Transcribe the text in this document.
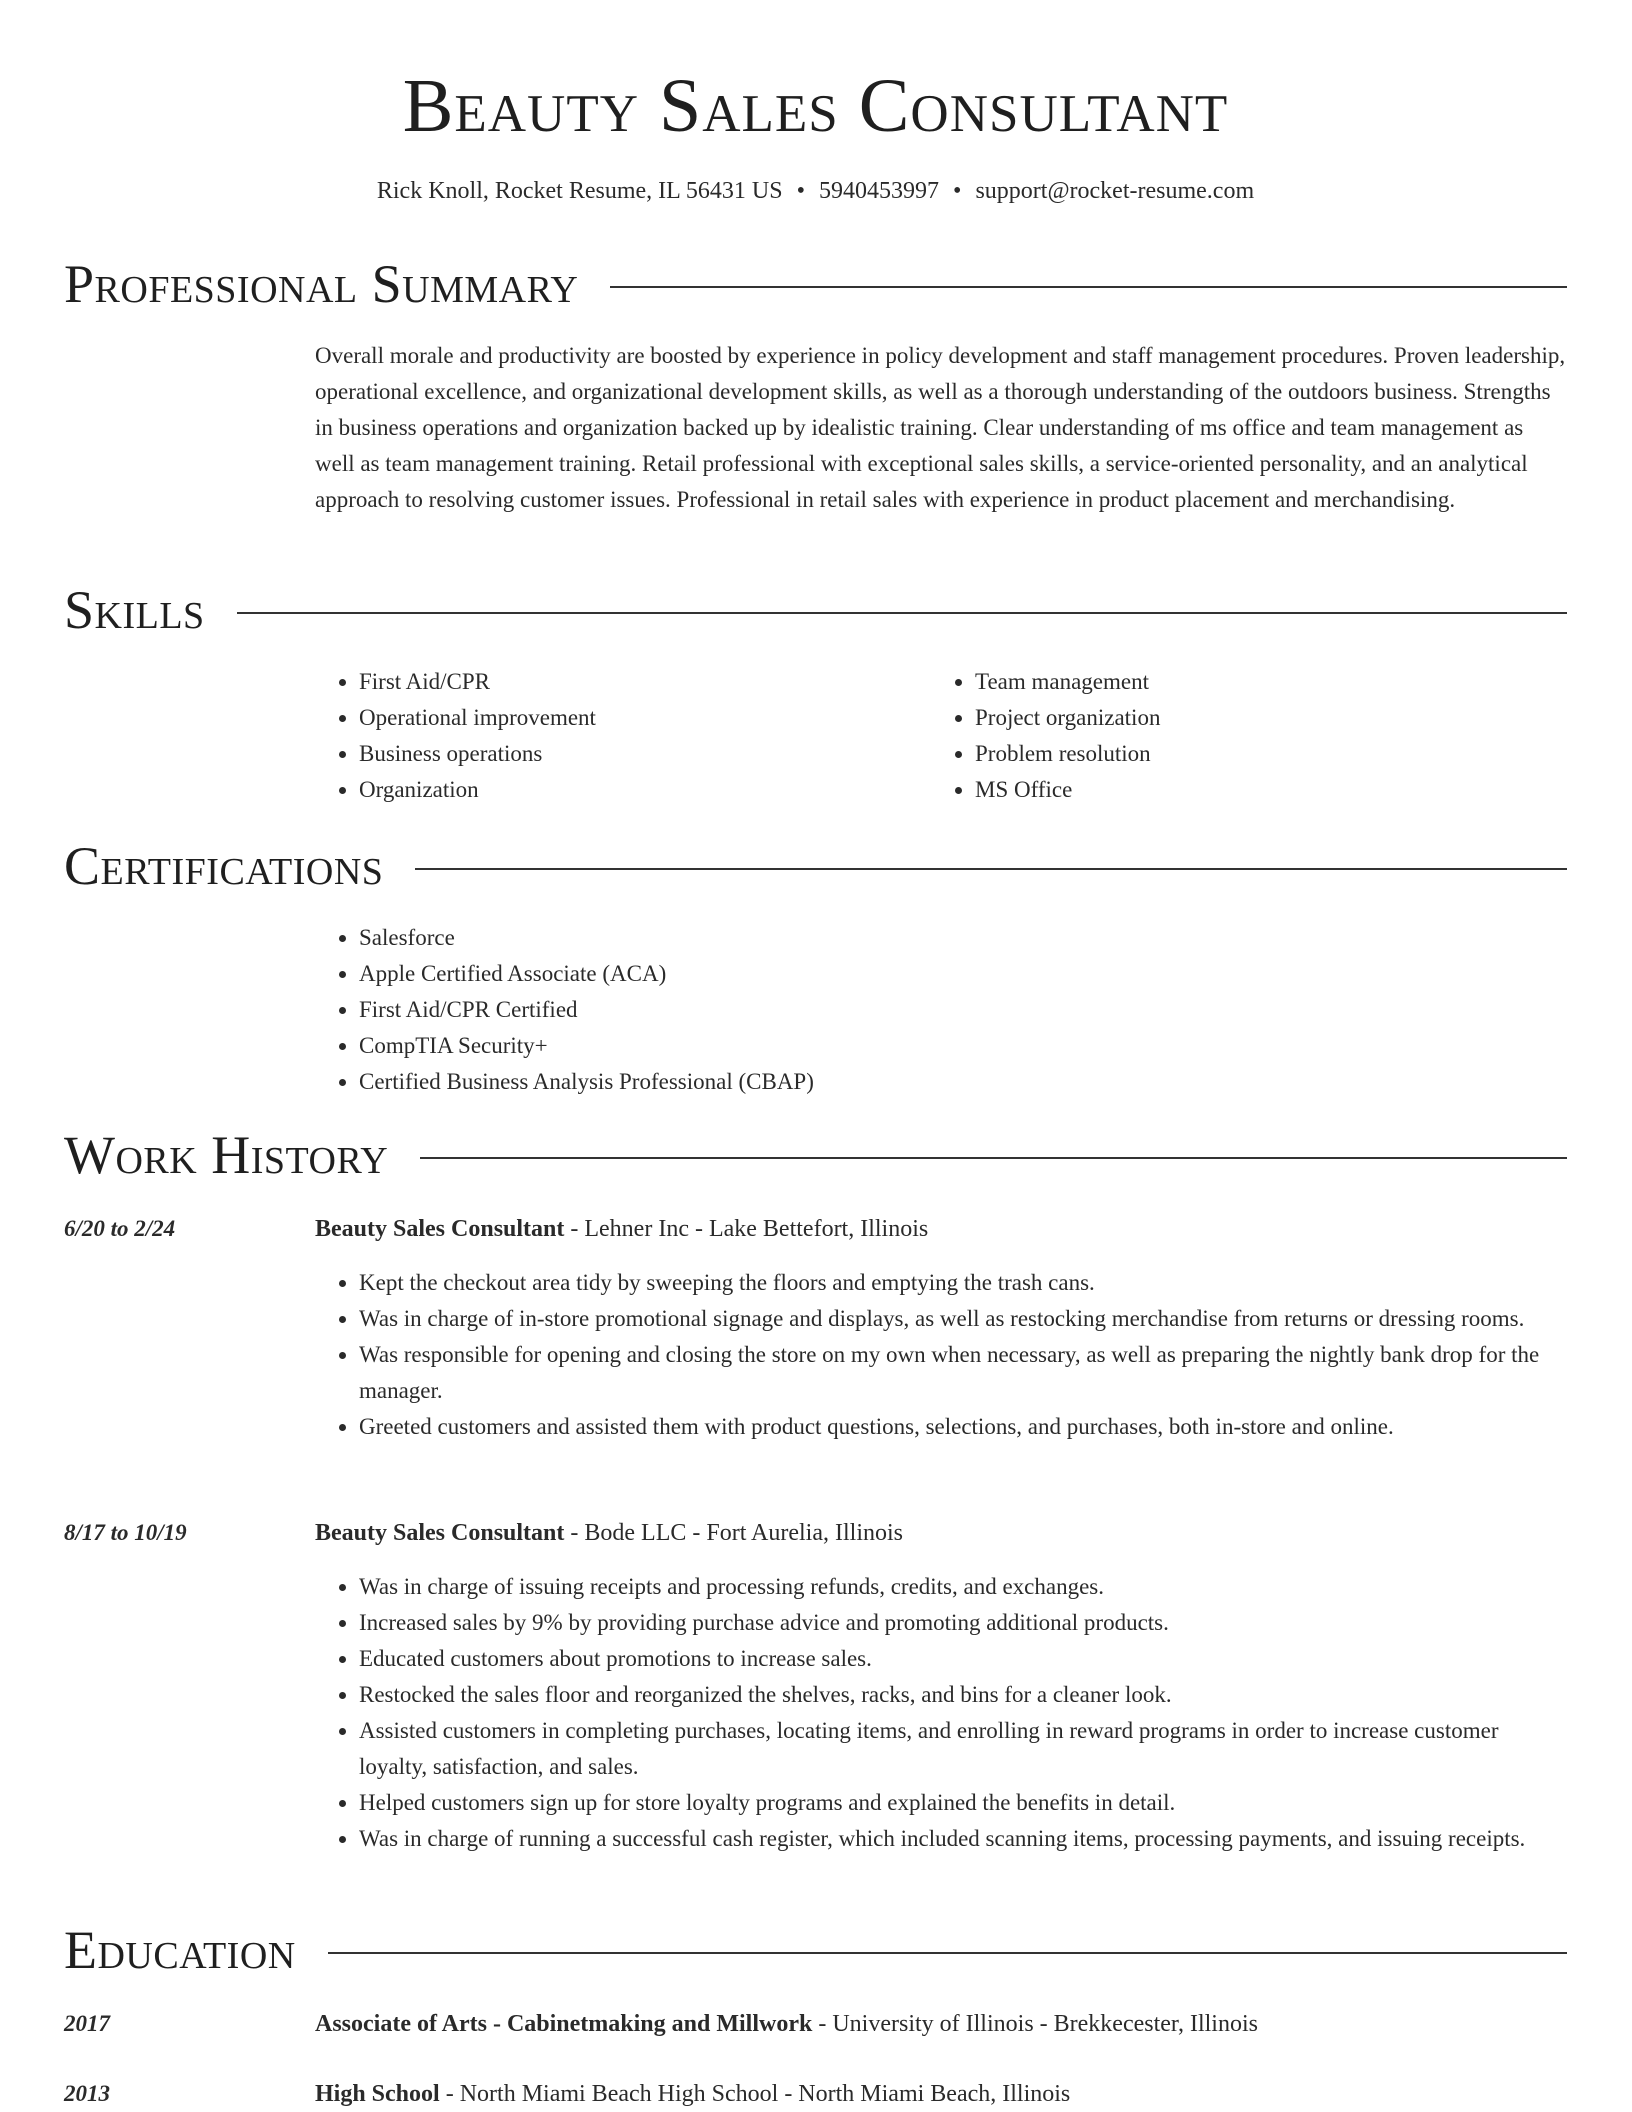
Beauty Sales Consultant
Rick Knoll, Rocket Resume, IL 56431 US • 5940453997 • support@rocket-resume.com
Professional Summary
Overall morale and productivity are boosted by experience in policy development and staff management procedures. Proven leadership, operational excellence, and organizational development skills, as well as a thorough understanding of the outdoors business. Strengths in business operations and organization backed up by idealistic training. Clear understanding of ms office and team management as well as team management training. Retail professional with exceptional sales skills, a service-oriented personality, and an analytical approach to resolving customer issues. Professional in retail sales with experience in product placement and merchandising.
Skills
• First Aid/CPR
• Operational improvement
• Business operations
• Organization
• Team management
• Project organization
• Problem resolution
• MS Office
Certifications
• Salesforce
• Apple Certified Associate (ACA)
• First Aid/CPR Certified
• CompTIA Security+
• Certified Business Analysis Professional (CBAP)
Work History
6/20 to 2/24	Beauty Sales Consultant - Lehner Inc - Lake Bettefort, Illinois
• Kept the checkout area tidy by sweeping the floors and emptying the trash cans.
• Was in charge of in-store promotional signage and displays, as well as restocking merchandise from returns or dressing rooms.
• Was responsible for opening and closing the store on my own when necessary, as well as preparing the nightly bank drop for the manager.
• Greeted customers and assisted them with product questions, selections, and purchases, both in-store and online.
8/17 to 10/19	Beauty Sales Consultant - Bode LLC - Fort Aurelia, Illinois
• Was in charge of issuing receipts and processing refunds, credits, and exchanges.
• Increased sales by 9% by providing purchase advice and promoting additional products.
• Educated customers about promotions to increase sales.
• Restocked the sales floor and reorganized the shelves, racks, and bins for a cleaner look.
• Assisted customers in completing purchases, locating items, and enrolling in reward programs in order to increase customer loyalty, satisfaction, and sales.
• Helped customers sign up for store loyalty programs and explained the benefits in detail.
• Was in charge of running a successful cash register, which included scanning items, processing payments, and issuing receipts.
Education
2017	Associate of Arts - Cabinetmaking and Millwork - University of Illinois - Brekkecester, Illinois
2013	High School - North Miami Beach High School - North Miami Beach, Illinois
